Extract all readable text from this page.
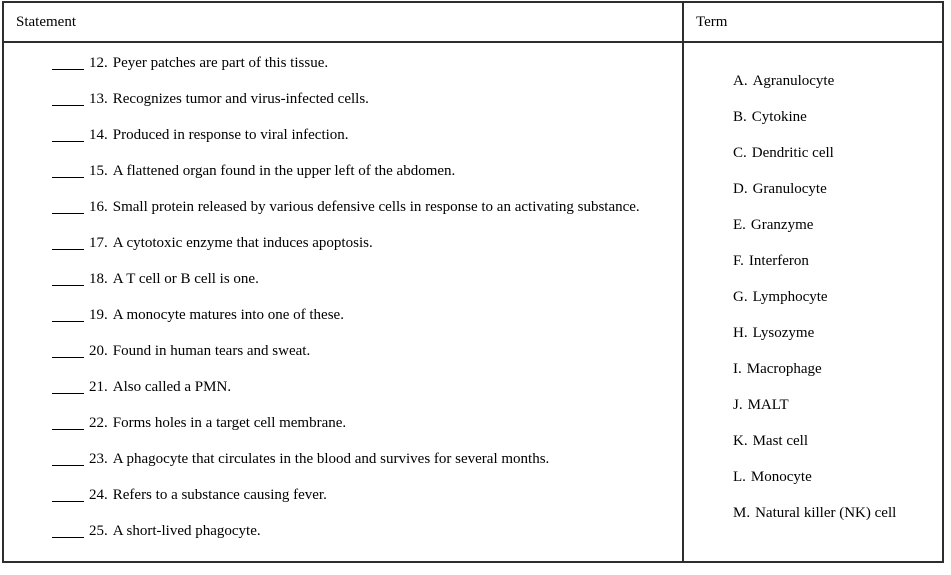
Statement	Term
12. Peyer patches are part of this tissue.
13. Recognizes tumor and virus-infected cells.
14. Produced in response to viral infection.
15. A flattened organ found in the upper left of the abdomen.
16. Small protein released by various defensive cells in response to an activating substance.
17. A cytotoxic enzyme that induces apoptosis.
18. A T cell or B cell is one.
19. A monocyte matures into one of these.
20. Found in human tears and sweat.
21. Also called a PMN.
22. Forms holes in a target cell membrane.
23. A phagocyte that circulates in the blood and survives for several months.
24. Refers to a substance causing fever.
25. A short-lived phagocyte.
A. Agranulocyte
B. Cytokine
C. Dendritic cell
D. Granulocyte
E. Granzyme
F. Interferon
G. Lymphocyte
H. Lysozyme
I. Macrophage
J. MALT
K. Mast cell
L. Monocyte
M. Natural killer (NK) cell
